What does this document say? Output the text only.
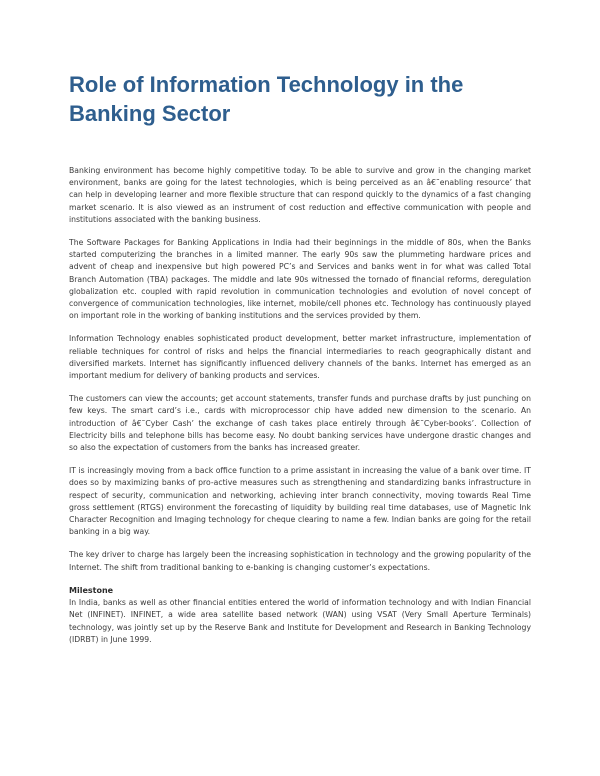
Role of Information Technology in the Banking Sector

Banking environment has become highly competitive today. To be able to survive and grow in the changing market environment, banks are going for the latest technologies, which is being perceived as an â€˜enabling resource’ that can help in developing learner and more flexible structure that can respond quickly to the dynamics of a fast changing market scenario. It is also viewed as an instrument of cost reduction and effective communication with people and institutions associated with the banking business.

The Software Packages for Banking Applications in India had their beginnings in the middle of 80s, when the Banks started computerizing the branches in a limited manner. The early 90s saw the plummeting hardware prices and advent of cheap and inexpensive but high powered PC’s and Services and banks went in for what was called Total Branch Automation (TBA) packages. The middle and late 90s witnessed the tornado of financial reforms, deregulation globalization etc. coupled with rapid revolution in communication technologies and evolution of novel concept of convergence of communication technologies, like internet, mobile/cell phones etc. Technology has continuously played on important role in the working of banking institutions and the services provided by them.

Information Technology enables sophisticated product development, better market infrastructure, implementation of reliable techniques for control of risks and helps the financial intermediaries to reach geographically distant and diversified markets. Internet has significantly influenced delivery channels of the banks. Internet has emerged as an important medium for delivery of banking products and services.

The customers can view the accounts; get account statements, transfer funds and purchase drafts by just punching on few keys. The smart card’s i.e., cards with microprocessor chip have added new dimension to the scenario. An introduction of â€˜Cyber Cash’ the exchange of cash takes place entirely through â€˜Cyber-books’. Collection of Electricity bills and telephone bills has become easy. No doubt banking services have undergone drastic changes and so also the expectation of customers from the banks has increased greater.

IT is increasingly moving from a back office function to a prime assistant in increasing the value of a bank over time. IT does so by maximizing banks of pro-active measures such as strengthening and standardizing banks infrastructure in respect of security, communication and networking, achieving inter branch connectivity, moving towards Real Time gross settlement (RTGS) environment the forecasting of liquidity by building real time databases, use of Magnetic Ink Character Recognition and Imaging technology for cheque clearing to name a few. Indian banks are going for the retail banking in a big way.

The key driver to charge has largely been the increasing sophistication in technology and the growing popularity of the Internet. The shift from traditional banking to e-banking is changing customer’s expectations.

Milestone

In India, banks as well as other financial entities entered the world of information technology and with Indian Financial Net (INFINET). INFINET, a wide area satellite based network (WAN) using VSAT (Very Small Aperture Terminals) technology, was jointly set up by the Reserve Bank and Institute for Development and Research in Banking Technology (IDRBT) in June 1999.
